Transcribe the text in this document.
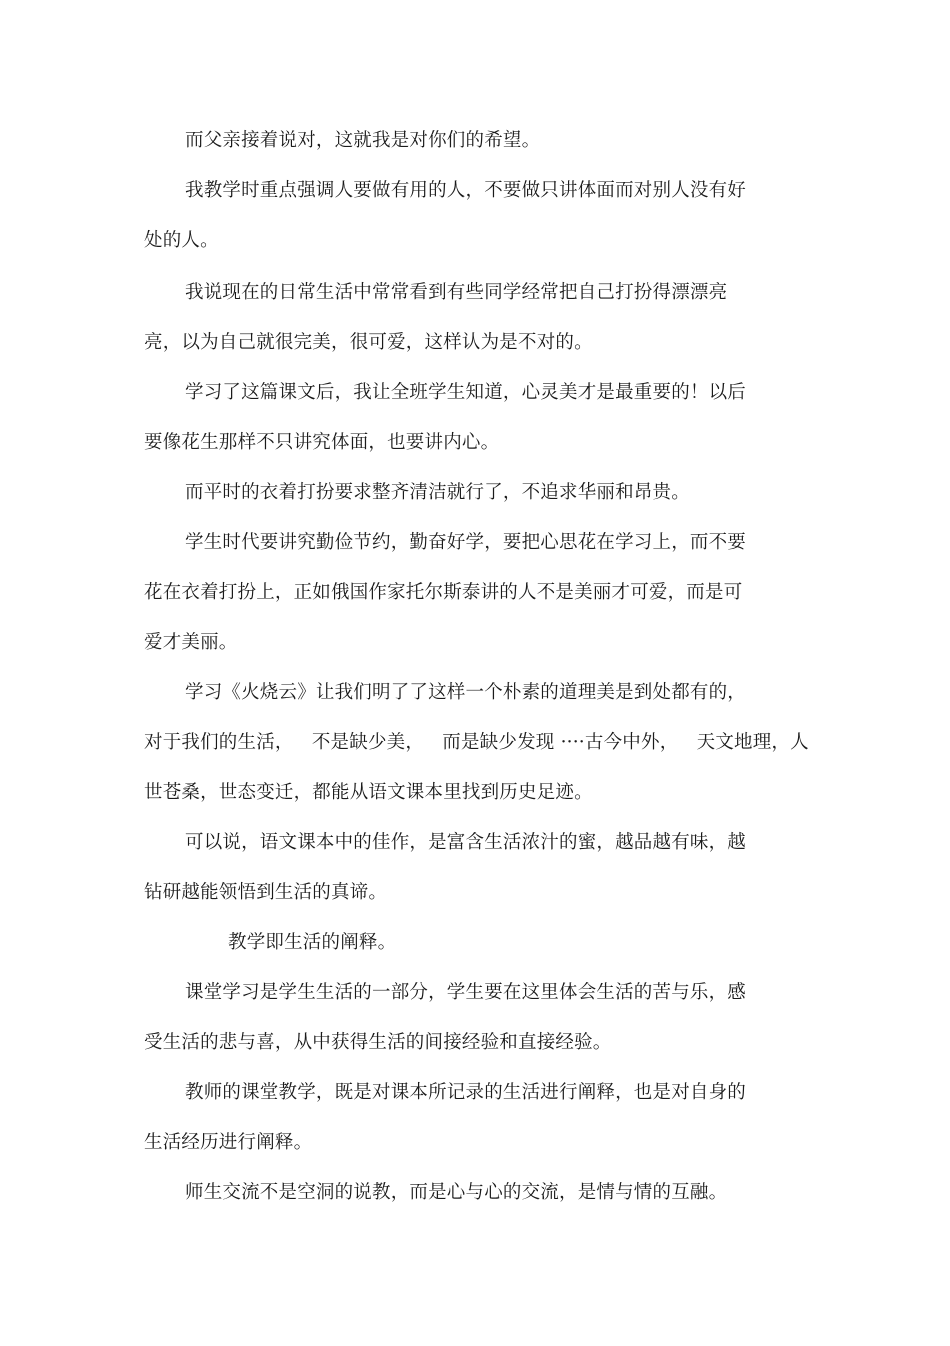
而父亲接着说对，这就我是对你们的希望。
我教学时重点强调人要做有用的人，不要做只讲体面而对别人没有好
处的人。
我说现在的日常生活中常常看到有些同学经常把自己打扮得漂漂亮
亮，以为自己就很完美，很可爱，这样认为是不对的。
学习了这篇课文后，我让全班学生知道，心灵美才是最重要的！以后
要像花生那样不只讲究体面，也要讲内心。
而平时的衣着打扮要求整齐清洁就行了，不追求华丽和昂贵。
学生时代要讲究勤俭节约，勤奋好学，要把心思花在学习上，而不要
花在衣着打扮上，正如俄国作家托尔斯泰讲的人不是美丽才可爱，而是可
爱才美丽。
学习《火烧云》让我们明了了这样一个朴素的道理美是到处都有的，
对于我们的生活，   不是缺少美，   而是缺少发现 ····古今中外，   天文地理，人
世苍桑，世态变迁，都能从语文课本里找到历史足迹。
可以说，语文课本中的佳作，是富含生活浓汁的蜜，越品越有味，越
钻研越能领悟到生活的真谛。
教学即生活的阐释。
课堂学习是学生生活的一部分，学生要在这里体会生活的苦与乐，感
受生活的悲与喜，从中获得生活的间接经验和直接经验。
教师的课堂教学，既是对课本所记录的生活进行阐释，也是对自身的
生活经历进行阐释。
师生交流不是空洞的说教，而是心与心的交流，是情与情的互融。
